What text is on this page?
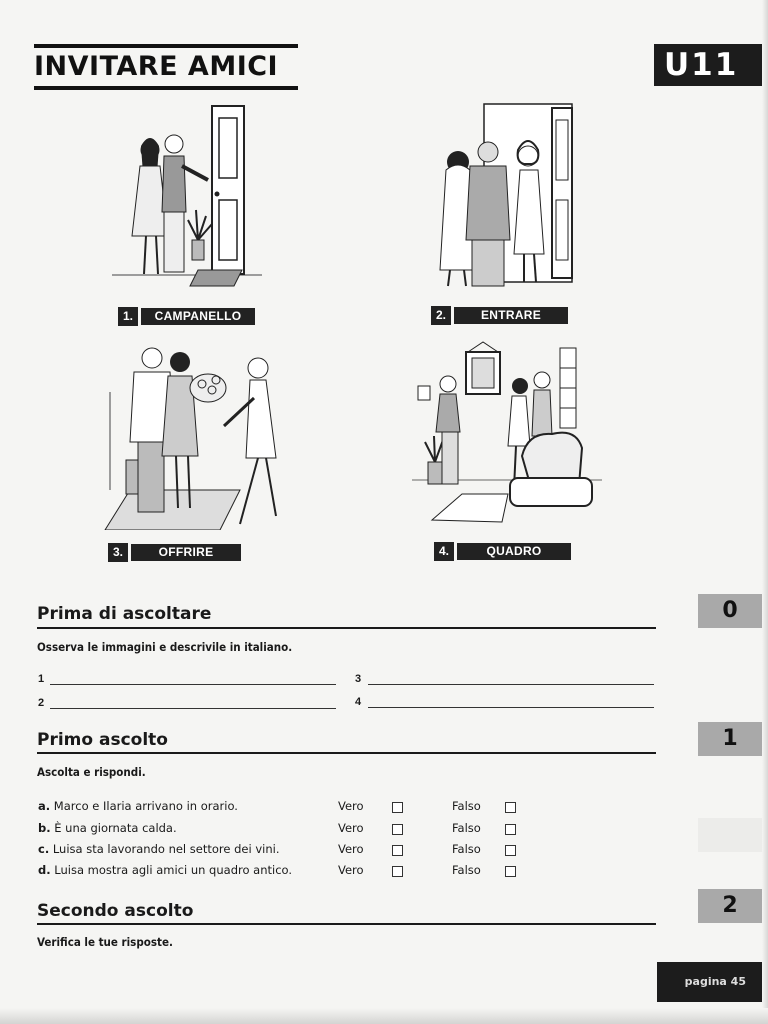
INVITARE AMICI	U11
1.	CAMPANELLO	2.	ENTRARE
3.	OFFRIRE	4.	QUADRO
Prima di ascoltare
Osserva le immagini e descrivile in italiano.
1
2
3
4
Primo ascolto
Ascolta e rispondi.
a. Marco e Ilaria arrivano in orario.	Vero	Falso
b. È una giornata calda.	Vero	Falso
c. Luisa sta lavorando nel settore dei vini.	Vero	Falso
d. Luisa mostra agli amici un quadro antico.	Vero	Falso
Secondo ascolto
Verifica le tue risposte.
0
1
2
pagina 45
